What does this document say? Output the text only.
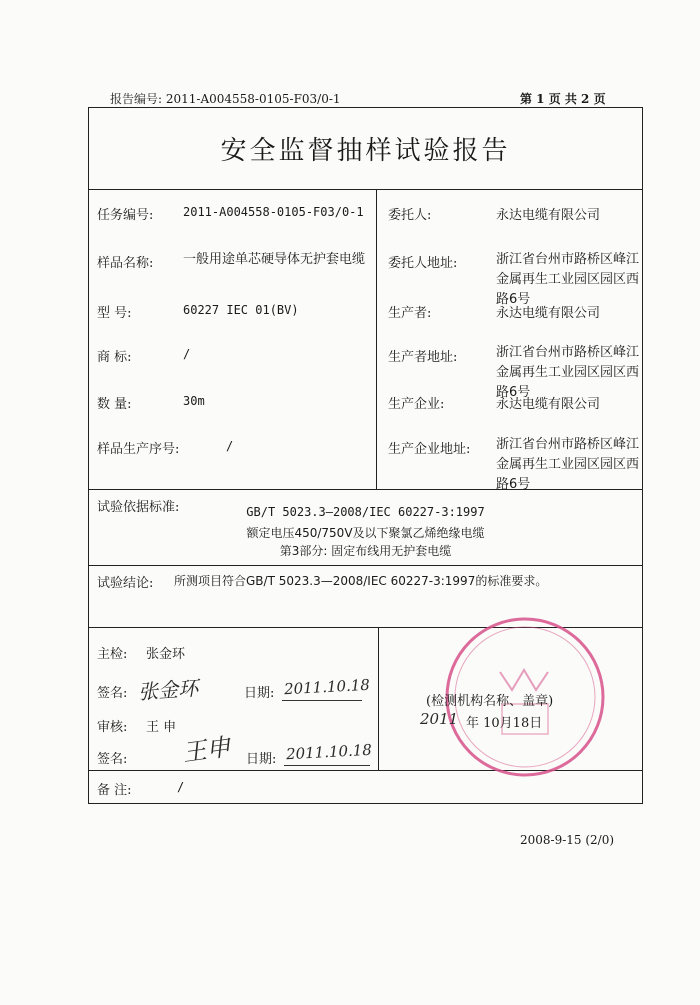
报告编号: 2011-A004558-0105-F03/0-1	第 1 页 共 2 页
安全监督抽样试验报告
任务编号: 2011-A004558-0105-F03/0-1
样品名称: 一般用途单芯硬导体无护套电缆
型 号:	60227 IEC 01(BV)
商 标:	/
数 量:	30m
样品生产序号:	/
委托人:	永达电缆有限公司
委托人地址:	浙江省台州市路桥区峰江金属再生工业园区园区西路6号
生产者:	永达电缆有限公司
生产者地址:	浙江省台州市路桥区峰江金属再生工业园区园区西路6号
生产企业:	永达电缆有限公司
生产企业地址: 浙江省台州市路桥区峰江金属再生工业园区园区西路6号
试验依据标准:	GB/T 5023.3—2008/IEC 60227-3:1997
额定电压450/750V及以下聚氯乙烯绝缘电缆
第3部分: 固定布线用无护套电缆
试验结论: 所测项目符合GB/T 5023.3—2008/IEC 60227-3:1997的标准要求。
主检: 张金环
签名: 张金环	日期: 2011.10.18
审核: 王 申
签名: 王申 日期: 2011.10.18
(检测机构名称、盖章)
2011 年 10月18日
备 注:	/
2008-9-15 (2/0)
